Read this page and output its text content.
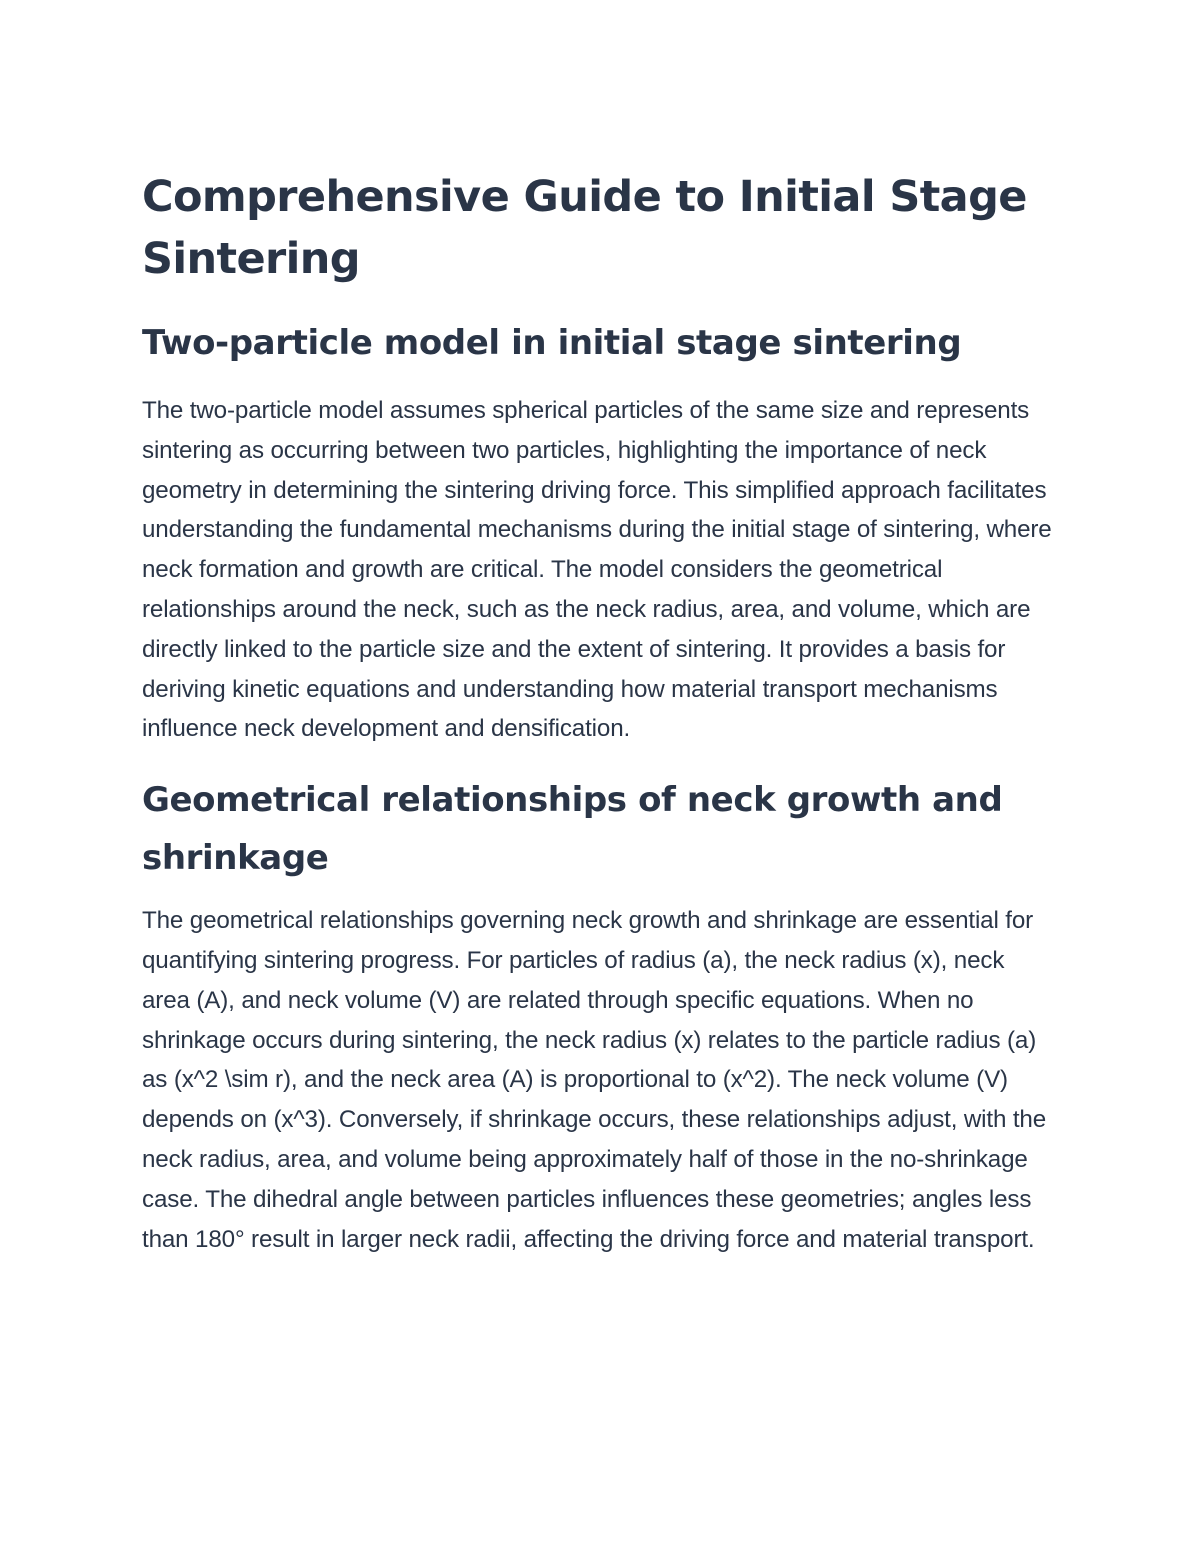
Comprehensive Guide to Initial Stage Sintering
Two-particle model in initial stage sintering

The two-particle model assumes spherical particles of the same size and represents sintering as occurring between two particles, highlighting the importance of neck geometry in determining the sintering driving force. This simplified approach facilitates understanding the fundamental mechanisms during the initial stage of sintering, where neck formation and growth are critical. The model considers the geometrical relationships around the neck, such as the neck radius, area, and volume, which are directly linked to the particle size and the extent of sintering. It provides a basis for deriving kinetic equations and understanding how material transport mechanisms influence neck development and densification.

Geometrical relationships of neck growth and shrinkage

The geometrical relationships governing neck growth and shrinkage are essential for quantifying sintering progress. For particles of radius (a), the neck radius (x), neck area (A), and neck volume (V) are related through specific equations. When no shrinkage occurs during sintering, the neck radius (x) relates to the particle radius (a) as (x^2 \sim r), and the neck area (A) is proportional to (x^2). The neck volume (V) depends on (x^3). Conversely, if shrinkage occurs, these relationships adjust, with the neck radius, area, and volume being approximately half of those in the no-shrinkage case. The dihedral angle between particles influences these geometries; angles less than 180° result in larger neck radii, affecting the driving force and material transport.
